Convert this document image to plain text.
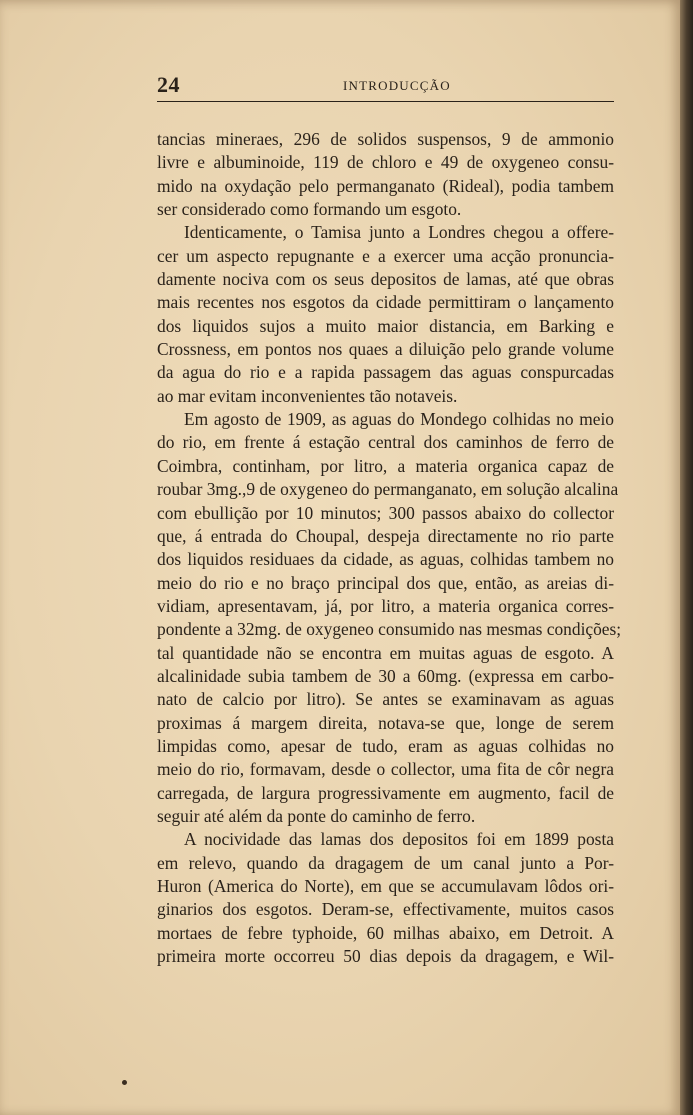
24	INTRODUCÇÃO
tancias mineraes, 296 de solidos suspensos, 9 de ammonio
livre e albuminoide, 119 de chloro e 49 de oxygeneo consu-
mido na oxydação pelo permanganato (Rideal), podia tambem
ser considerado como formando um esgoto.
Identicamente, o Tamisa junto a Londres chegou a offere-
cer um aspecto repugnante e a exercer uma acção pronuncia-
damente nociva com os seus depositos de lamas, até que obras
mais recentes nos esgotos da cidade permittiram o lançamento
dos liquidos sujos a muito maior distancia, em Barking e
Crossness, em pontos nos quaes a diluição pelo grande volume
da agua do rio e a rapida passagem das aguas conspurcadas
ao mar evitam inconvenientes tão notaveis.
Em agosto de 1909, as aguas do Mondego colhidas no meio
do rio, em frente á estação central dos caminhos de ferro de
Coimbra, continham, por litro, a materia organica capaz de
roubar 3mg.,9 de oxygeneo do permanganato, em solução alcalina
com ebullição por 10 minutos; 300 passos abaixo do collector
que, á entrada do Choupal, despeja directamente no rio parte
dos liquidos residuaes da cidade, as aguas, colhidas tambem no
meio do rio e no braço principal dos que, então, as areias di-
vidiam, apresentavam, já, por litro, a materia organica corres-
pondente a 32mg. de oxygeneo consumido nas mesmas condições;
tal quantidade não se encontra em muitas aguas de esgoto. A
alcalinidade subia tambem de 30 a 60mg. (expressa em carbo-
nato de calcio por litro). Se antes se examinavam as aguas
proximas á margem direita, notava-se que, longe de serem
limpidas como, apesar de tudo, eram as aguas colhidas no
meio do rio, formavam, desde o collector, uma fita de côr negra
carregada, de largura progressivamente em augmento, facil de
seguir até além da ponte do caminho de ferro.
A nocividade das lamas dos depositos foi em 1899 posta
em relevo, quando da dragagem de um canal junto a Por-
Huron (America do Norte), em que se accumulavam lôdos ori-
ginarios dos esgotos. Deram-se, effectivamente, muitos casos
mortaes de febre typhoide, 60 milhas abaixo, em Detroit. A
primeira morte occorreu 50 dias depois da dragagem, e Wil-
